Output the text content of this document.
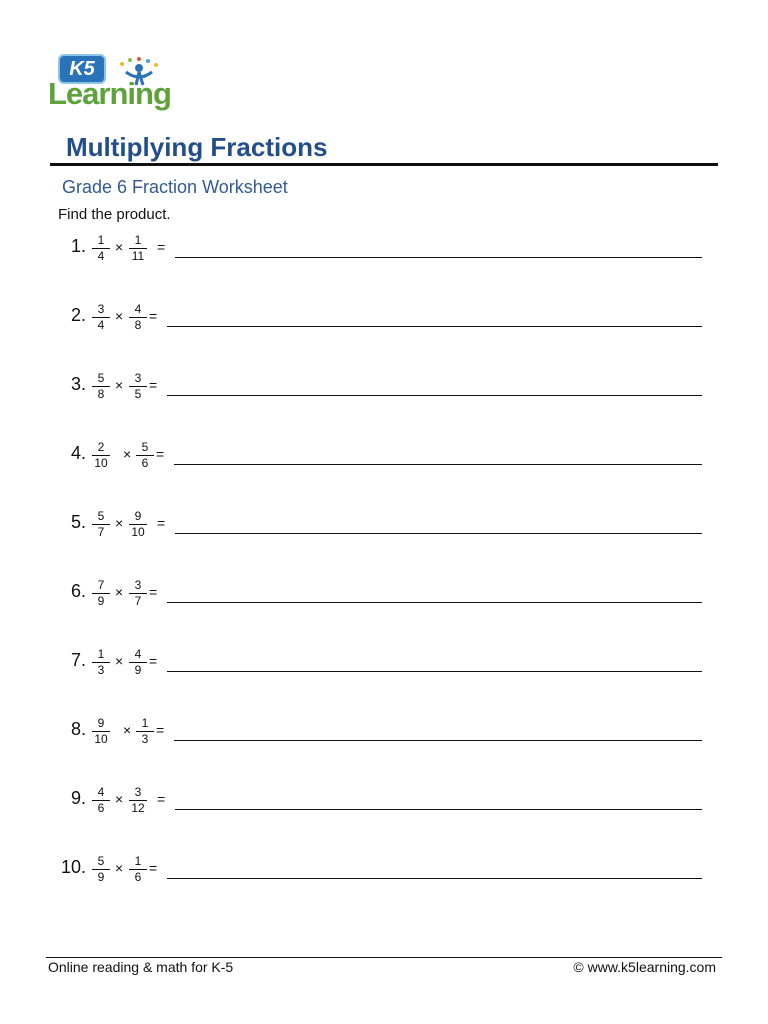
K5
Learning
Multiplying Fractions
Grade 6 Fraction Worksheet
Find the product.
1. 1
4
× 1
11
=
2. 3
4
× 4
8
=
3. 5
8
× 3
5
=
4. 2
10
× 5
6
=
5. 5
7
× 9
10
=
6. 7
9
× 3
7
=
7. 1
3
× 4
9
=
8. 9
10
× 1
3
=
9. 4
6
× 3
12
=
10. 5
9
× 1
6
=
Online reading & math for K-5	© www.k5learning.com
